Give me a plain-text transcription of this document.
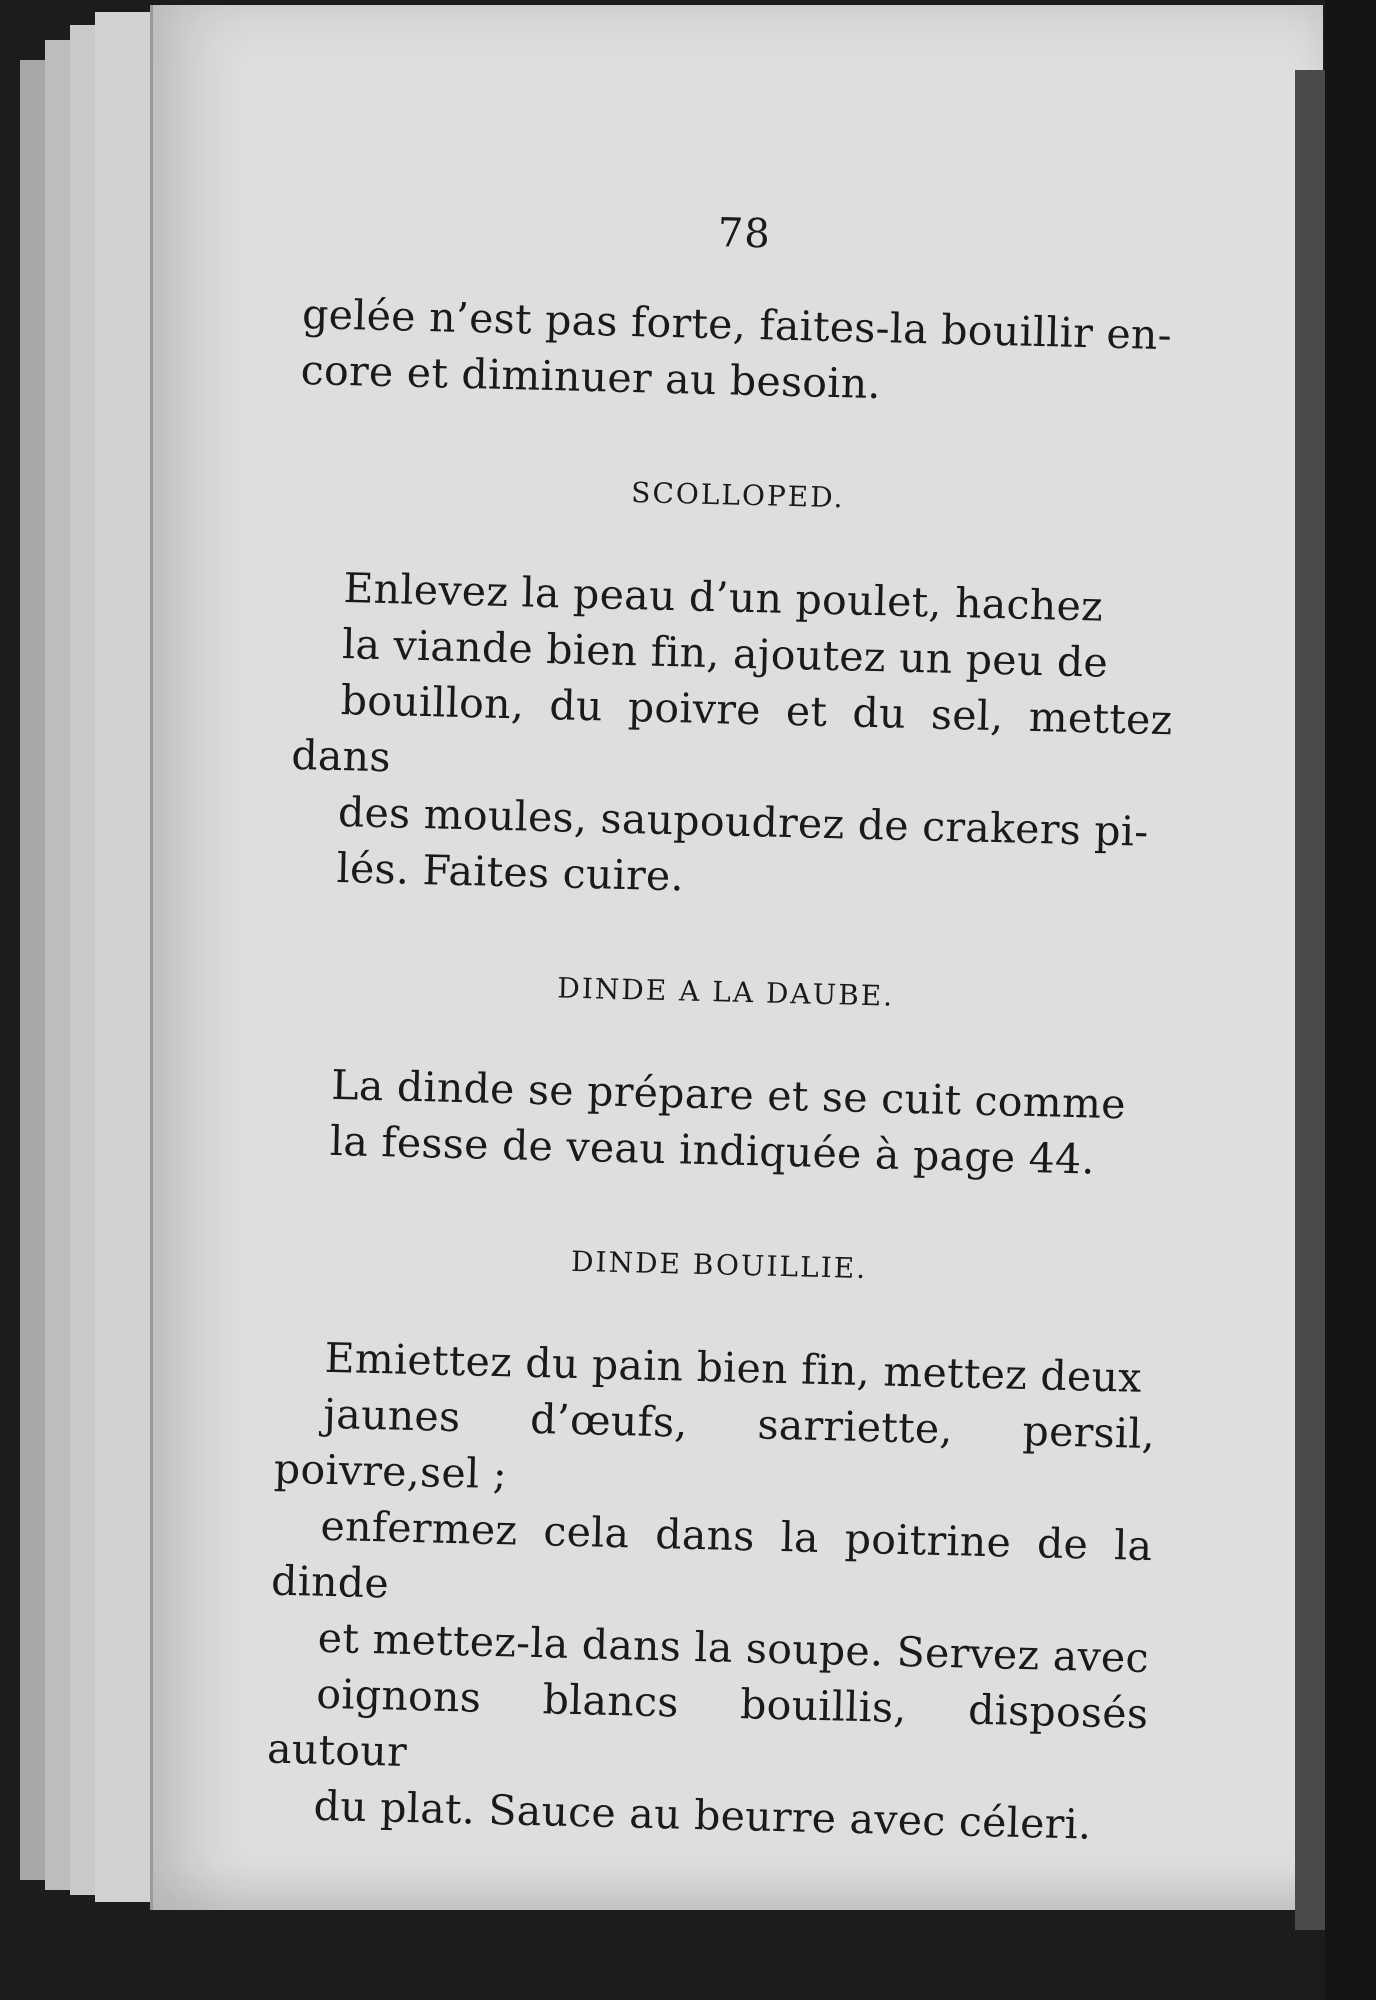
78

gelée n’est pas forte, faites-la bouillir en-
core et diminuer au besoin.

SCOLLOPED.

Enlevez la peau d’un poulet, hachez
la viande bien fin, ajoutez un peu de
bouillon, du poivre et du sel, mettez dans
des moules, saupoudrez de crakers pi-
lés. Faites cuire.

DINDE A LA DAUBE.

La dinde se prépare et se cuit comme
la fesse de veau indiquée à page 44.

DINDE BOUILLIE.

Emiettez du pain bien fin, mettez deux
jaunes d’œufs, sarriette, persil, poivre,sel ;
enfermez cela dans la poitrine de la dinde
et mettez-la dans la soupe. Servez avec
oignons blancs bouillis, disposés autour
du plat. Sauce au beurre avec céleri.
